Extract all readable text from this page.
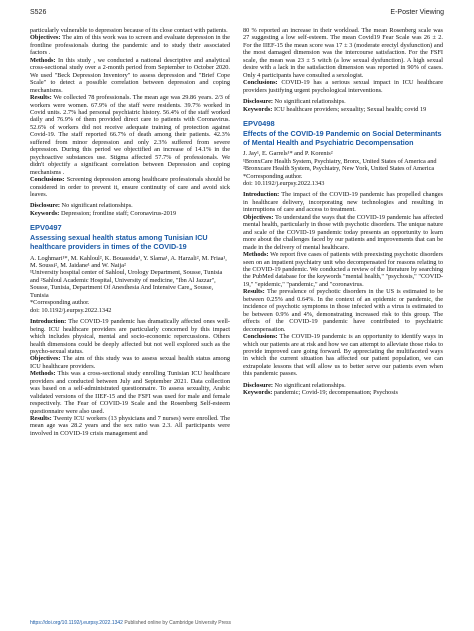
S526	E-Poster Viewing

particularly vulnerable to depression because of its close contact with patients.

Objectives: The aim of this work was to screen and evaluate depression in the frontline professionals during the pandemic and to study their associated factors .

Methods: In this study , we conducted a national descriptive and analytical cross-sectional study over a 2-month period from September to October 2020. We used "Beck Depression Inventory" to assess depression and "Brief Cope Scale" to detect a possible correlation between depression and coping mechanisms.

Results: We collected 78 professionals. The mean age was 29.86 years. 2/3 of workers were women. 67.9% of the staff were residents. 39.7% worked in Covid units. 2.7% had personal psychiatric history. 56.4% of the staff worked daily and 76.9% of them provided direct care to patients with Coronavirus. 52.6% of workers did not receive adequate training of protection against Covid-19. The staff reported 66.7% of death among their patients. 42.3% suffered from minor depression and only 2.3% suffered from severe depression. During this period we objectified an increase of 14.1% in the psychoactive substances use. Stigma affected 57.7% of professionals. We didn't objectify a significant correlation between Depression and coping mechanisms .

Conclusions: Screening depression among healthcare professionals should be considered in order to prevent it, ensure continuity of care and avoid sick leaves.

Disclosure: No significant relationships.

Keywords: Depression; frontline staff; Coronavirus-2019

EPV0497
Assessing sexual health status among Tunisian ICU healthcare providers in times of the COVID-19

A. Loghmari¹*, M. Kahloul², K. Bouassida¹, Y. Slama¹, A. Harzali², M. Friaa¹, M. Soussi², M. Jaidane¹ and W. Naija²

¹University hospital center of Sahloul, Urology Department, Sousse, Tunisia and ²Sahloul Academic Hospital, University of medicine, "Ibn Al Jazzar", Sousse, Tunisia, Department Of Anesthesia And Intensive Care,, Sousse, Tunisia

*Corresponding author.

doi: 10.1192/j.eurpsy.2022.1342

Introduction: The COVID-19 pandemic has dramatically affected ones well-being. ICU healthcare providers are particularly concerned by this impact which includes physical, mental and socio-economic repercussions. Others health dimensions could be deeply affected but not well explored such as the psycho-sexual status.

Objectives: The aim of this study was to assess sexual health status among ICU healthcare providers.

Methods: This was a cross-sectional study enrolling Tunisian ICU healthcare providers and conducted between July and September 2021. Data collection was based on a self-administrated questionnaire. To assess sexuality, Arabic validated versions of the IIEF-15 and the FSFI was used for male and female respectively. The Fear of COVID-19 Scale and the Rosenberg Self-esteem questionnaire were also used.

Results: Twenty ICU workers (13 physicians and 7 nurses) were enrolled. The mean age was 28.2 years and the sex ratio was 2.3. All participants were involved in COVID-19 crisis management and

80 % reported an increase in their workload. The mean Rosenberg scale was 27 suggesting a low self-esteem. The mean Covid19 Fear Scale was 26 ± 2. For the IIEF-15 the mean score was 17 ± 3 (moderate erectyl dysfunction) and the most damaged dimension was the intercourse satisfaction. For the FSFI scale, the mean was 23 ± 5 witch (a low sexual dysfunction). A high sexual desire with a lack in the satisfaction dimension was reported in 90% of cases. Only 4 participants have consulted a sexologist.

Conclusions: COVID-19 has a serious sexual impact in ICU healthcare providers justifying urgent psychological interventions.

Disclosure: No significant relationships.

Keywords: ICU healthcare providers; sexuality; Sexual health; covid 19

EPV0498
Effects of the COVID-19 Pandemic on Social Determinants of Mental Health and Psychiatric Decompensation

J. Jay¹, E. Garrels¹* and P. Korenis²

¹BronxCare Health System, Psychiatry, Bronx, United States of America and ²Bronxcare Health System, Psychiatry, New York, United States of America

*Corresponding author.

doi: 10.1192/j.eurpsy.2022.1343

Introduction: The impact of the COVID-19 pandemic has propelled changes in healthcare delivery, incorporating new technologies and resulting in interruptions of care and access to treatment.

Objectives: To understand the ways that the COVID-19 pandemic has affected mental health, particularly in those with psychotic disorders. The unique nature and scale of the COVID-19 pandemic today presents an opportunity to learn more about the challenges faced by our patients and improvements that can be made in the delivery of mental healthcare.

Methods: We report five cases of patients with preexisting psychotic disorders seen on an inpatient psychiatry unit who decompensated for reasons relating to the COVID-19 pandemic. We conducted a review of the literature by searching the PubMed database for the keywords "mental health," "psychosis," "COVID-19," "epidemic," "pandemic," and "coronavirus.

Results: The prevalence of psychotic disorders in the US is estimated to be between 0.25% and 0.64%. In the context of an epidemic or pandemic, the incidence of psychotic symptoms in those infected with a virus is estimated to be between 0.9% and 4%, demonstrating increased risk to this group. The effects of the COVID-19 pandemic have contributed to psychiatric decompensation.

Conclusions: The COVID-19 pandemic is an opportunity to identify ways in which our patients are at risk and how we can attempt to alleviate those risks to provide improved care going forward. By appreciating the multifaceted ways in which the current situation has affected our patient population, we can extrapolate lessons that will allow us to better serve our patients even when this pandemic passes.

Disclosure: No significant relationships.

Keywords: pandemic; Covid-19; decompensation; Psychosis

https://doi.org/10.1192/j.eurpsy.2022.1342 Published online by Cambridge University Press
